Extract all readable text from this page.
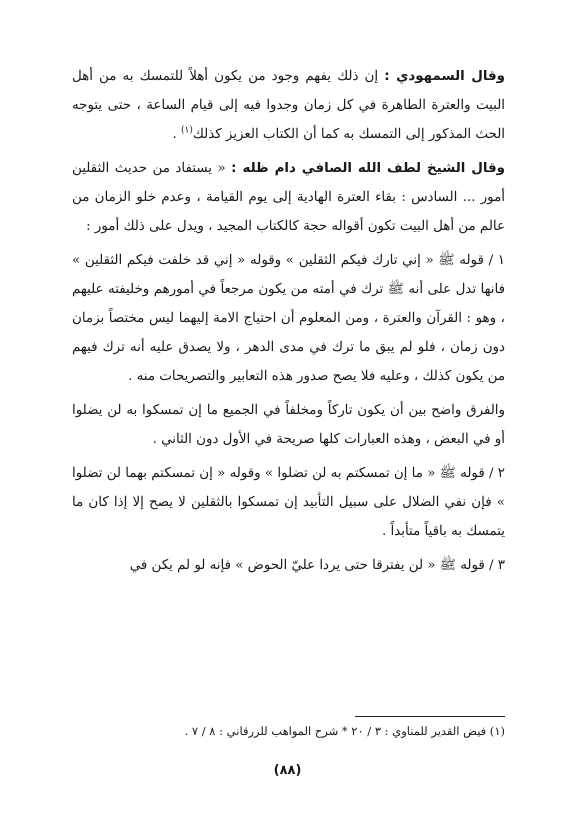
وقال السمهودي : إن ذلك يفهم وجود من يكون أهلاً للتمسك به من أهل البيت والعترة الطاهرة في كل زمان وجدوا فيه إلى قيام الساعة ، حتى يتوجه الحث المذكور إلى التمسك به كما أن الكتاب العزيز كذلك$^{(١)}$ .

وقال الشيخ لطف الله الصافي دام ظله : « يستفاد من حديث الثقلين أمور ... السادس : بقاء العترة الهادية إلى يوم القيامة ، وعدم خلو الزمان من عالم من أهل البيت تكون أقواله حجة كالكتاب المجيد ، ويدل على ذلك أمور :

١ / قوله ﷺ « إني تارك فيكم الثقلين » وقوله « إني قد خلفت فيكم الثقلين » فانها تدل على أنه ﷺ ترك في أمته من يكون مرجعاً في أمورهم وخليفته عليهم ، وهو : القرآن والعترة ، ومن المعلوم أن احتياج الامة إليهما ليس مختصاً بزمان دون زمان ، فلو لم يبق ما ترك في مدى الدهر ، ولا يصدق عليه أنه ترك فيهم من يكون كذلك ، وعليه فلا يصح صدور هذه التعابير والتصريحات منه .

والفرق واضح بين أن يكون تاركاً ومخلفاً في الجميع ما إن تمسكوا به لن يضلوا أو في البعض ، وهذه العبارات كلها صريحة في الأول دون الثاني .

٢ / قوله ﷺ « ما إن تمسكتم به لن تضلوا » وقوله « إن تمسكتم بهما لن تضلوا » فإن نفي الضلال على سبيل التأبيد إن تمسكوا بالثقلين لا يصح إلا إذا كان ما يتمسك به باقياً متأبداً .

٣ / قوله ﷺ « لن يفترقا حتى يردا عليّ الحوض » فإنه لو لم يكن في

(١) فيض القدير للمناوي : ٣ / ٢٠ * شرح المواهب للزرقاني : ٨ / ٧ .
(٨٨)
